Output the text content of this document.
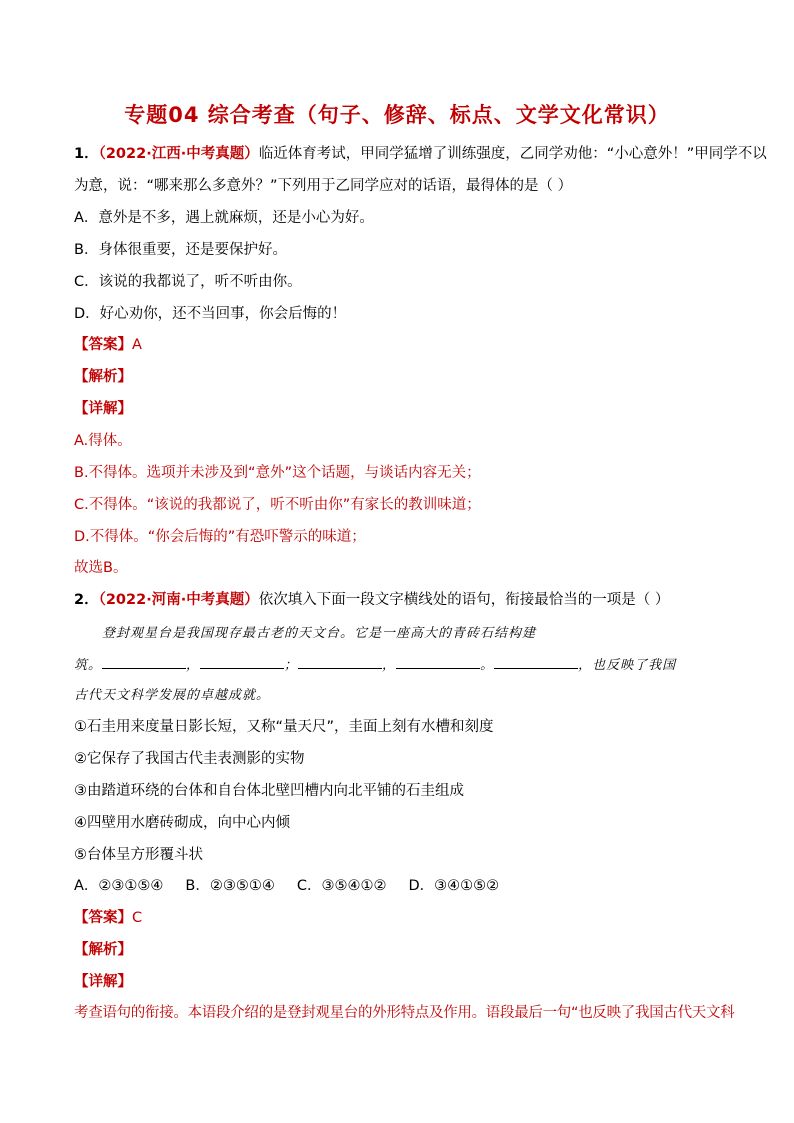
专题04 综合考查（句子、修辞、标点、文学文化常识）
1．（2022·江西·中考真题）临近体育考试，甲同学猛增了训练强度，乙同学劝他：“小心意外！”甲同学不以
为意，说：“哪来那么多意外？”下列用于乙同学应对的话语，最得体的是（ ）
A．意外是不多，遇上就麻烦，还是小心为好。
B．身体很重要，还是要保护好。
C．该说的我都说了，听不听由你。
D．好心劝你，还不当回事，你会后悔的！
【答案】A
【解析】
【详解】
A.得体。
B.不得体。选项并未涉及到“意外”这个话题，与谈话内容无关；
C.不得体。“该说的我都说了，听不听由你”有家长的教训味道；
D.不得体。“你会后悔的”有恐吓警示的味道；
故选B。
2．（2022·河南·中考真题）依次填入下面一段文字横线处的语句，衔接最恰当的一项是（ ）
登封观星台是我国现存最古老的天文台。它是一座高大的青砖石结构建
筑。	，	；	，	。	，也反映了我国
古代天文科学发展的卓越成就。
①石圭用来度量日影长短，又称“量天尺”，圭面上刻有水槽和刻度
②它保存了我国古代圭表测影的实物
③由踏道环绕的台体和自台体北壁凹槽内向北平铺的石圭组成
④四壁用水磨砖砌成，向中心内倾
⑤台体呈方形覆斗状
A．②③①⑤④ B．②③⑤①④ C．③⑤④①② D．③④①⑤②
【答案】C
【解析】
【详解】
考查语句的衔接。本语段介绍的是登封观星台的外形特点及作用。语段最后一句“也反映了我国古代天文科
